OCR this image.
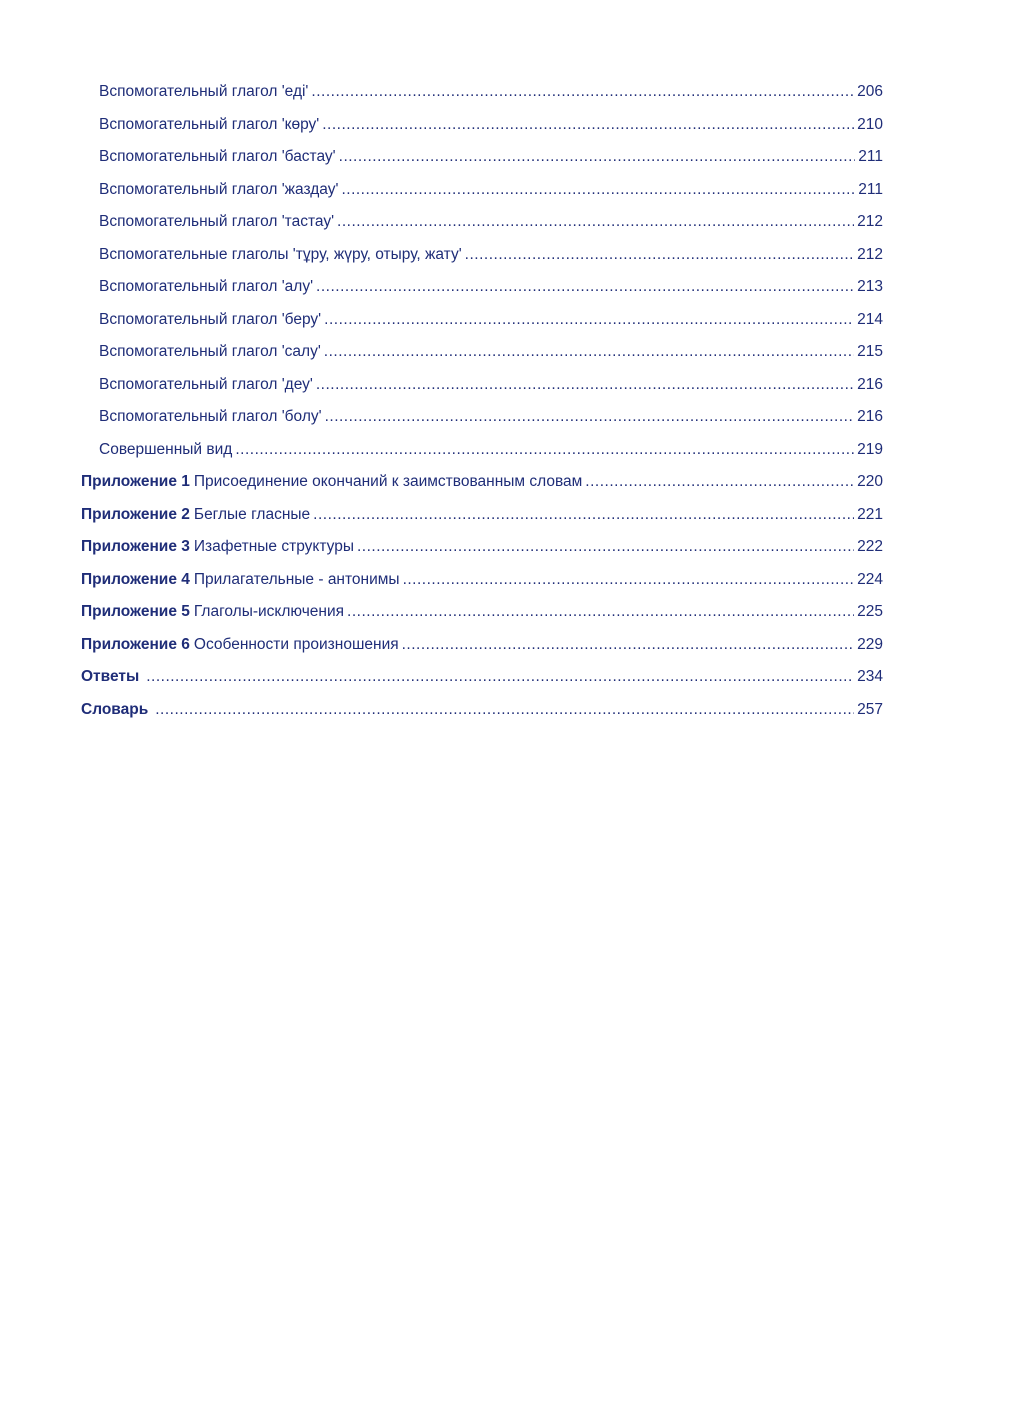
Вспомогательный глагол 'еді' .....	206
Вспомогательный глагол 'көру' .....	210
Вспомогательный глагол 'бастау' .....	211
Вспомогательный глагол 'жаздау' .....	211
Вспомогательный глагол 'тастау' .....	212
Вспомогательные глаголы 'тұру, жүру, отыру, жату' .....	212
Вспомогательный глагол 'алу' .....	213
Вспомогательный глагол 'беру' .....	214
Вспомогательный глагол 'салу' .....	215
Вспомогательный глагол 'деу' .....	216
Вспомогательный глагол 'болу' .....	216
Совершенный вид .....	219
Приложение 1 Присоединение окончаний к заимствованным словам .....	220
Приложение 2 Беглые гласные .....	221
Приложение 3 Изафетные структуры .....	222
Приложение 4 Прилагательные - антонимы .....	224
Приложение 5 Глаголы-исключения .....	225
Приложение 6 Особенности произношения .....	229
Ответы .....	234
Словарь .....	257
